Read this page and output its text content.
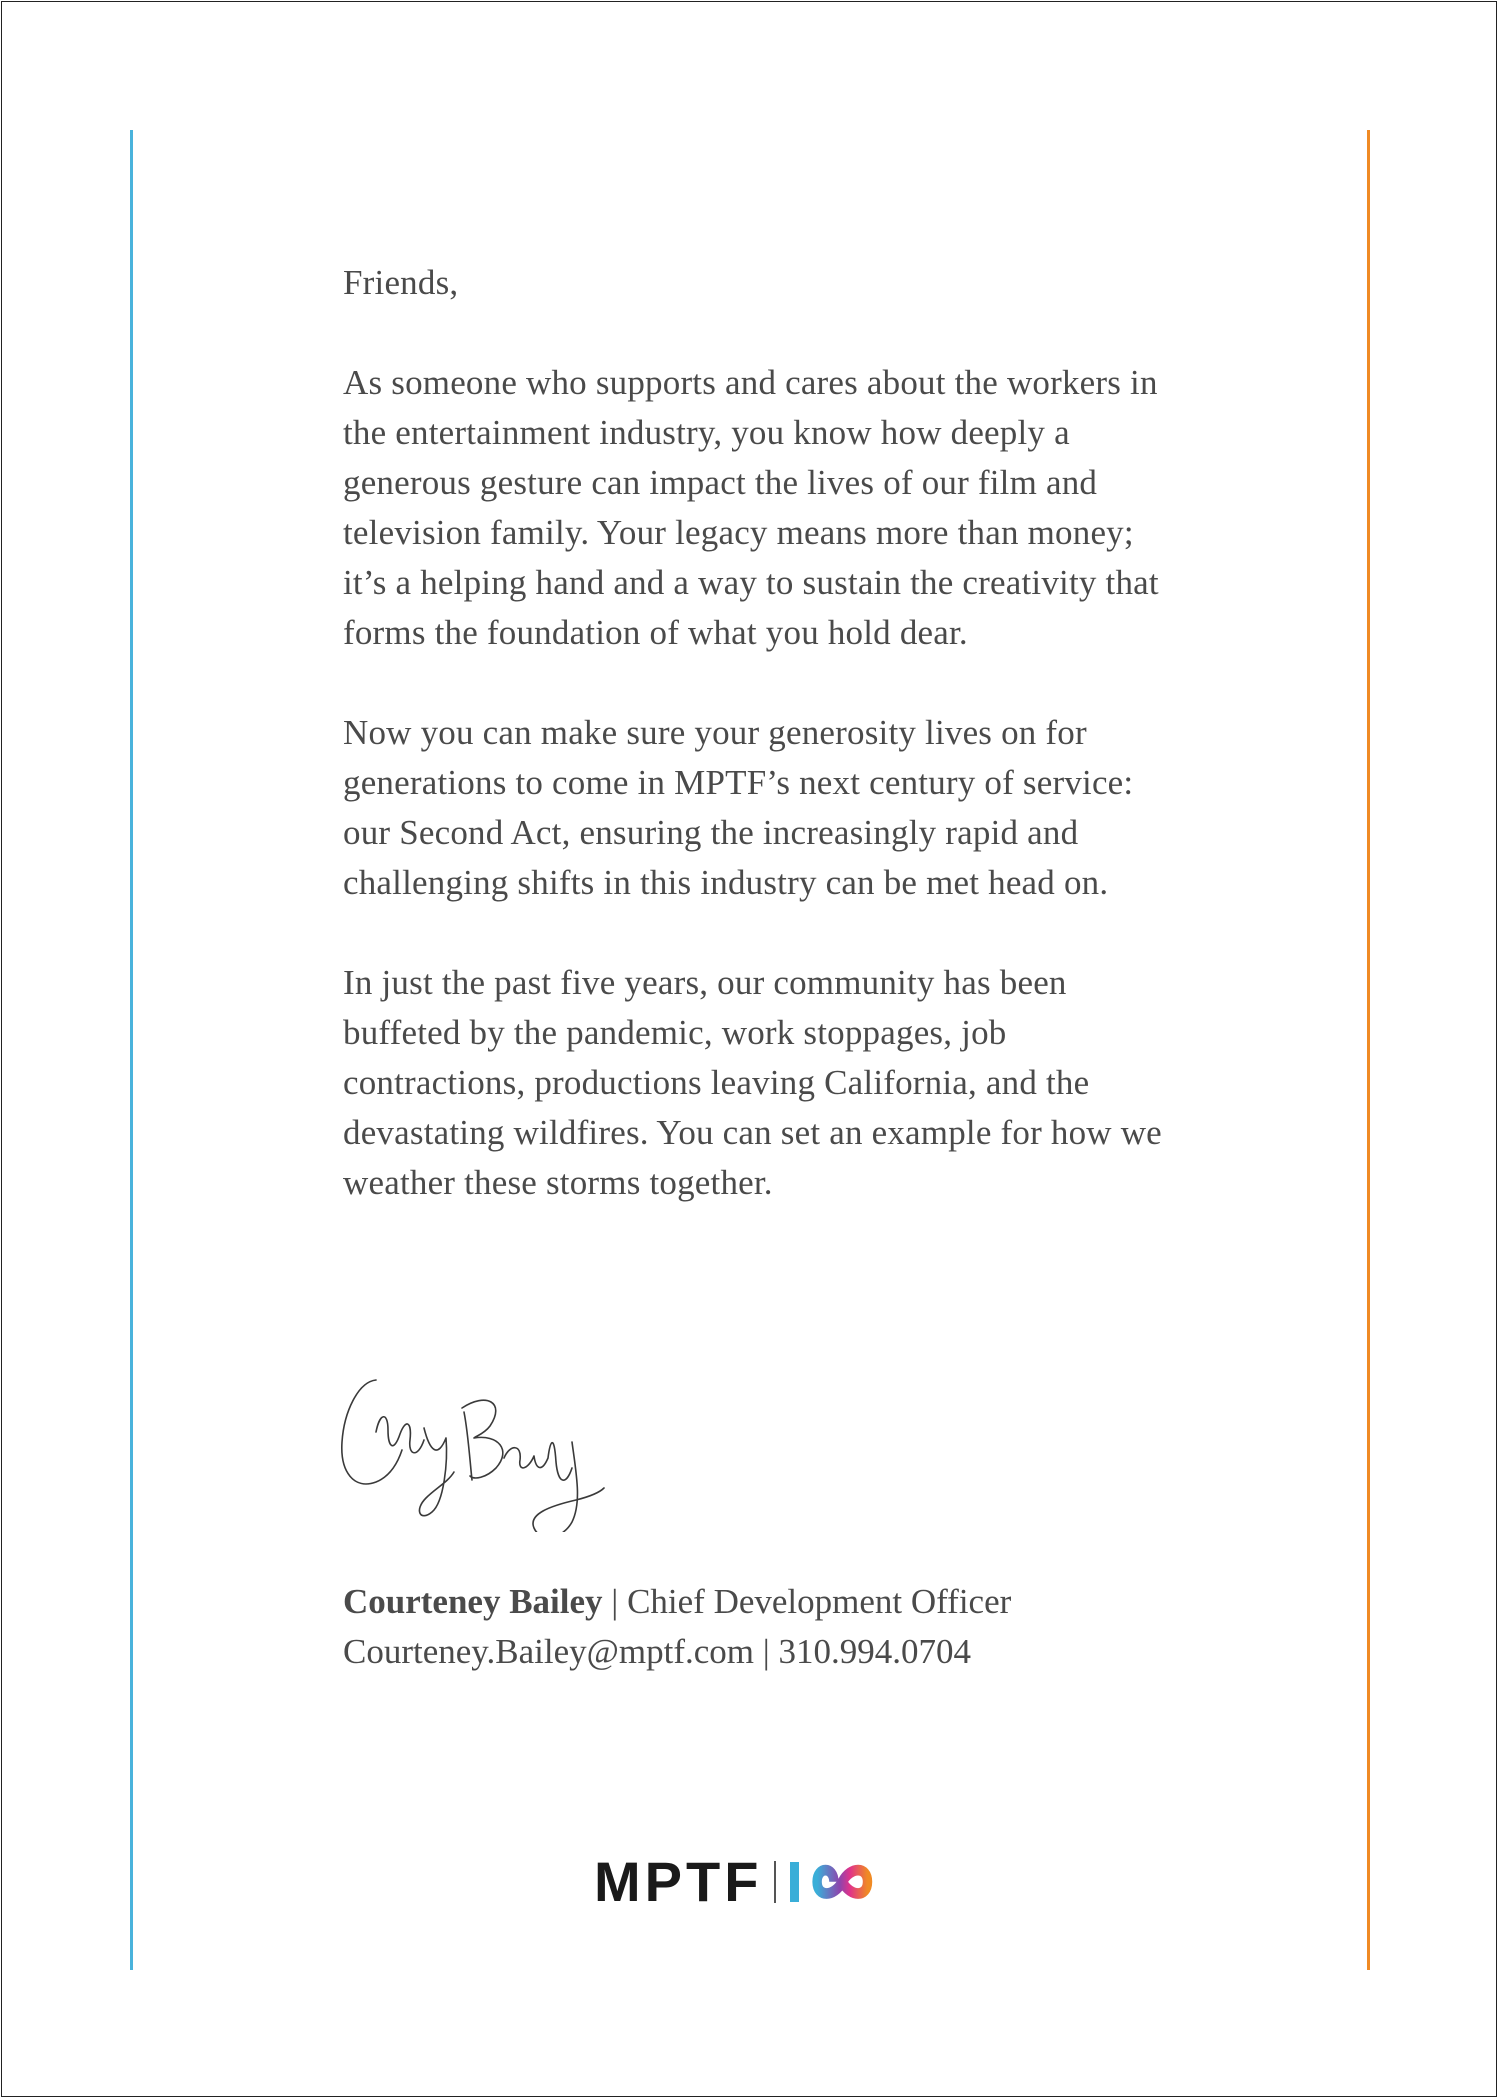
Friends,

As someone who supports and cares about the workers in the entertainment industry, you know how deeply a generous gesture can impact the lives of our film and television family. Your legacy means more than money; it’s a helping hand and a way to sustain the creativity that forms the foundation of what you hold dear.

Now you can make sure your generosity lives on for generations to come in MPTF’s next century of service: our Second Act, ensuring the increasingly rapid and challenging shifts in this industry can be met head on.

In just the past five years, our community has been buffeted by the pandemic, work stoppages, job contractions, productions leaving California, and the devastating wildfires. You can set an example for how we weather these storms together.

Courteney Bailey | Chief Development Officer
Courteney.Bailey@mptf.com | 310.994.0704
MPTF
